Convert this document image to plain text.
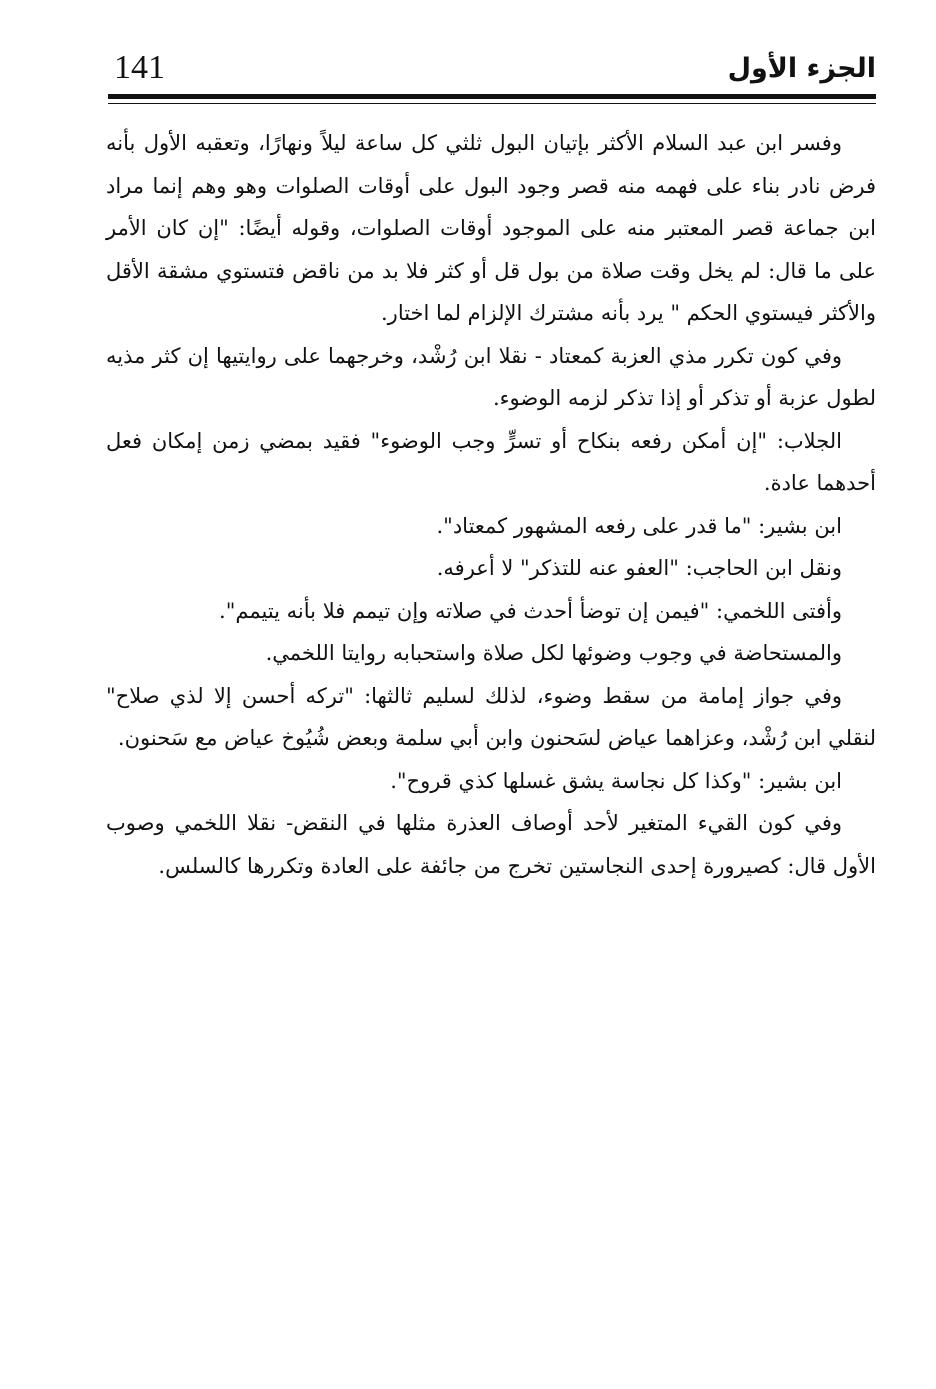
141	الجزء الأول

وفسر ابن عبد السلام الأكثر بإتيان البول ثلثي كل ساعة ليلاً ونهارًا، وتعقبه الأول بأنه فرض نادر بناء على فهمه منه قصر وجود البول على أوقات الصلوات وهو وهم إنما مراد ابن جماعة قصر المعتبر منه على الموجود أوقات الصلوات، وقوله أيضًا: "إن كان الأمر على ما قال: لم يخل وقت صلاة من بول قل أو كثر فلا بد من ناقض فتستوي مشقة الأقل والأكثر فيستوي الحكم " يرد بأنه مشترك الإلزام لما اختار.

وفي كون تكرر مذي العزبة كمعتاد - نقلا ابن رُشْد، وخرجهما على روايتيها إن كثر مذيه لطول عزبة أو تذكر أو إذا تذكر لزمه الوضوء.

الجلاب: "إن أمكن رفعه بنكاح أو تسرٍّ وجب الوضوء" فقيد بمضي زمن إمكان فعل أحدهما عادة.

ابن بشير: "ما قدر على رفعه المشهور كمعتاد".

ونقل ابن الحاجب: "العفو عنه للتذكر" لا أعرفه.

وأفتى اللخمي: "فيمن إن توضأ أحدث في صلاته وإن تيمم فلا بأنه يتيمم".

والمستحاضة في وجوب وضوئها لكل صلاة واستحبابه روايتا اللخمي.

وفي جواز إمامة من سقط وضوء، لذلك لسليم ثالثها: "تركه أحسن إلا لذي صلاح" لنقلي ابن رُشْد، وعزاهما عياض لسَحنون وابن أبي سلمة وبعض شُيُوخ عياض مع سَحنون.

ابن بشير: "وكذا كل نجاسة يشق غسلها كذي قروح".

وفي كون القيء المتغير لأحد أوصاف العذرة مثلها في النقض- نقلا اللخمي وصوب الأول قال: كصيرورة إحدى النجاستين تخرج من جائفة على العادة وتكررها كالسلس.
